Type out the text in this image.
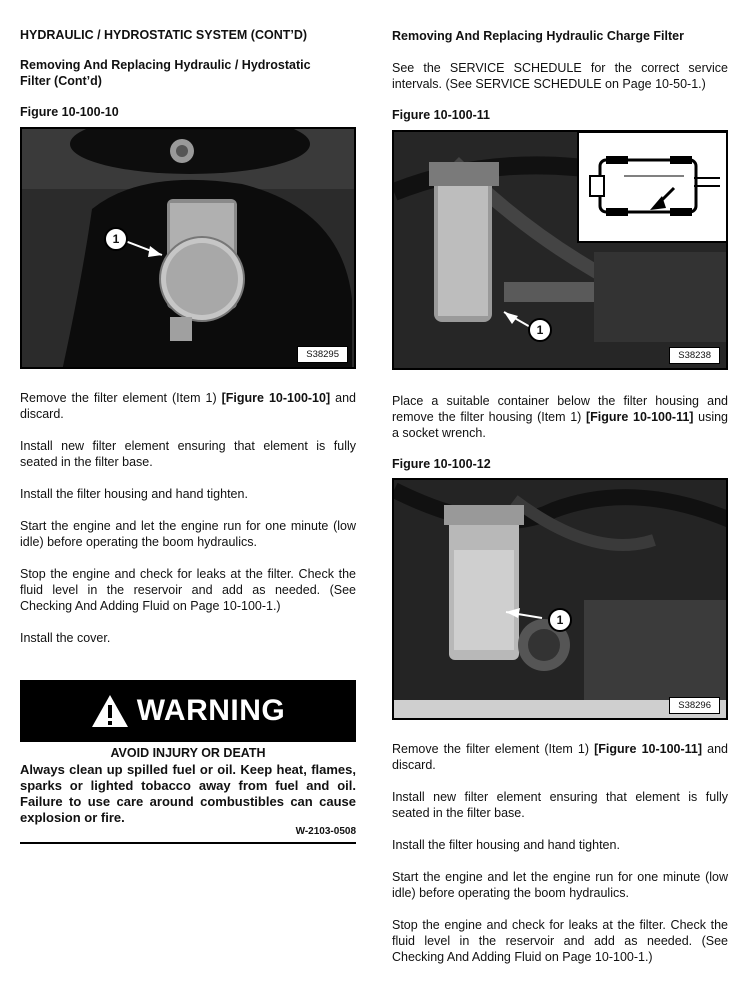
HYDRAULIC / HYDROSTATIC SYSTEM (CONT’D)
Removing And Replacing Hydraulic / Hydrostatic
Filter (Cont’d)
Figure 10-100-10
1
S38295

Remove the filter element (Item 1) [Figure 10-100-10] and discard.

Install new filter element ensuring that element is fully seated in the filter base.

Install the filter housing and hand tighten.

Start the engine and let the engine run for one minute (low idle) before operating the boom hydraulics.

Stop the engine and check for leaks at the filter. Check the fluid level in the reservoir and add as needed. (See Checking And Adding Fluid on Page 10-100-1.)

Install the cover.

WARNING
AVOID INJURY OR DEATH
Always clean up spilled fuel or oil. Keep heat, flames, sparks or lighted tobacco away from fuel and oil. Failure to use care around combustibles can cause explosion or fire.
W-2103-0508
Removing And Replacing Hydraulic Charge Filter

See the SERVICE SCHEDULE for the correct service intervals. (See SERVICE SCHEDULE on Page 10-50-1.)

Figure 10-100-11
1
S38238

Place a suitable container below the filter housing and remove the filter housing (Item 1) [Figure 10-100-11] using a socket wrench.

Figure 10-100-12
1
S38296

Remove the filter element (Item 1) [Figure 10-100-11] and discard.

Install new filter element ensuring that element is fully seated in the filter base.

Install the filter housing and hand tighten.

Start the engine and let the engine run for one minute (low idle) before operating the boom hydraulics.

Stop the engine and check for leaks at the filter. Check the fluid level in the reservoir and add as needed. (See Checking And Adding Fluid on Page 10-100-1.)
